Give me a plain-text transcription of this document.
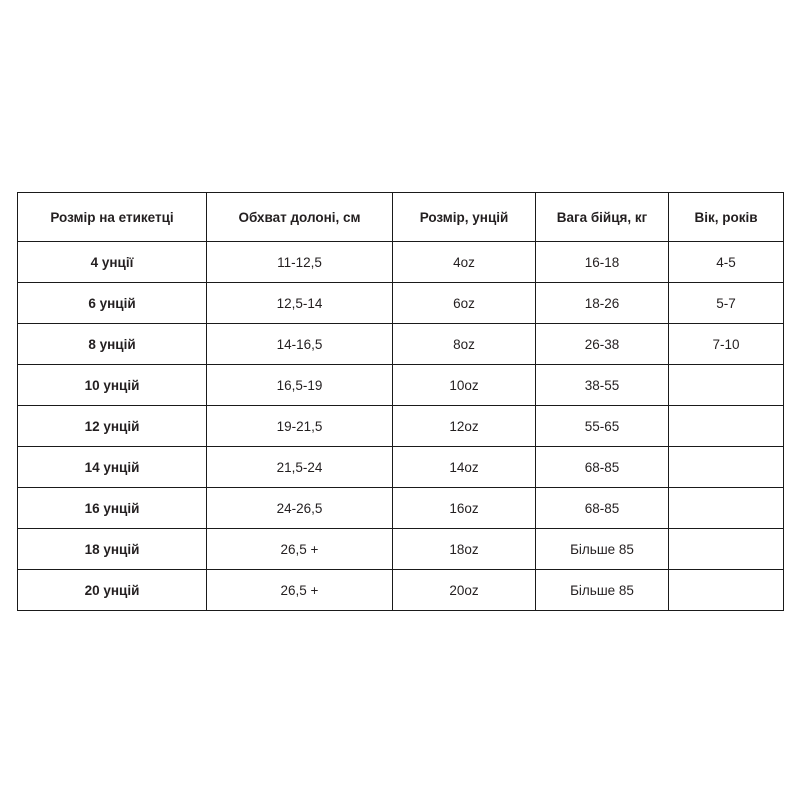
Розмір на етикетці	Обхват долоні, см	Розмір, унцій	Вага бійця, кг	Вік, років
4 унції	11-12,5	4oz	16-18	4-5
6 унцій	12,5-14	6oz	18-26	5-7
8 унцій	14-16,5	8oz	26-38	7-10
10 унцій	16,5-19	10oz	38-55	
12 унцій	19-21,5	12oz	55-65	
14 унцій	21,5-24	14oz	68-85	
16 унцій	24-26,5	16oz	68-85	
18 унцій	26,5 +	18oz	Більше 85	
20 унцій	26,5 +	20oz	Більше 85	
